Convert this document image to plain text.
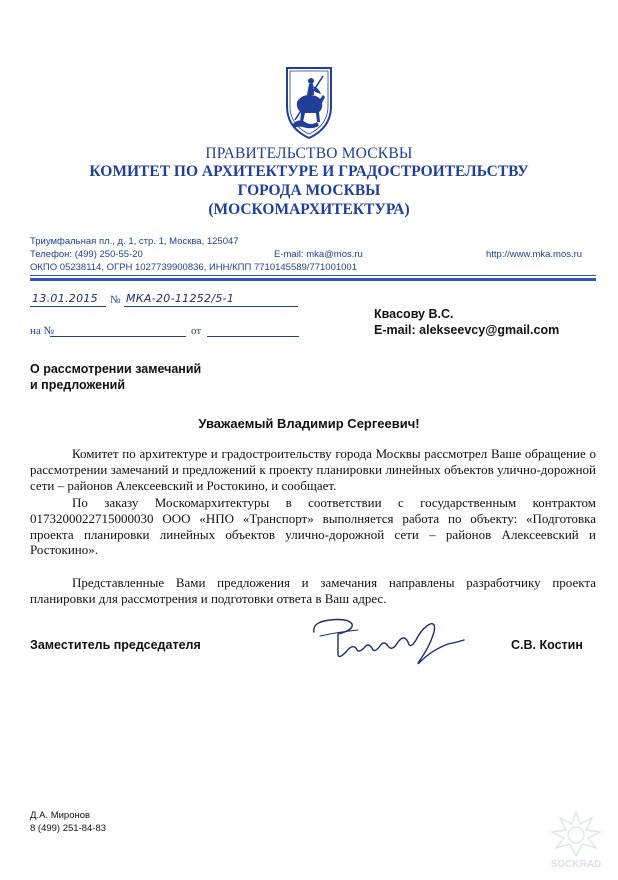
ПРАВИТЕЛЬСТВО МОСКВЫ
КОМИТЕТ ПО АРХИТЕКТУРЕ И ГРАДОСТРОИТЕЛЬСТВУ
ГОРОДА МОСКВЫ
(МОСКОМАРХИТЕКТУРА)
Триумфальная пл., д. 1, стр. 1, Москва, 125047
Телефон: (499) 250-55-20	E-mail: mka@mos.ru	http://www.mka.mos.ru
ОКПО 05238114, ОГРН 1027739900836, ИНН/КПП 7710145589/771001001
13.01.2015 № МКА-20-11252/5-1
на №	от
Квасову В.С.
E-mail: alekseevcy@gmail.com
О рассмотрении замечаний
и предложений
Уважаемый Владимир Сергеевич!

Комитет по архитектуре и градостроительству города Москвы рассмотрел Ваше обращение о рассмотрении замечаний и предложений к проекту планировки линейных объектов улично-дорожной сети – районов Алексеевский и Ростокино, и сообщает.

По заказу Москомархитектуры в соответствии с государственным контрактом 0173200022715000030 ООО «НПО «Транспорт» выполняется работа по объекту: «Подготовка проекта планировки линейных объектов улично-дорожной сети – районов Алексеевский и Ростокино».

Представленные Вами предложения и замечания направлены разработчику проекта планировки для рассмотрения и подготовки ответа в Ваш адрес.

Заместитель председателя	С.В. Костин
Д.А. Миронов
8 (499) 251-84-83
SOCKRAD
